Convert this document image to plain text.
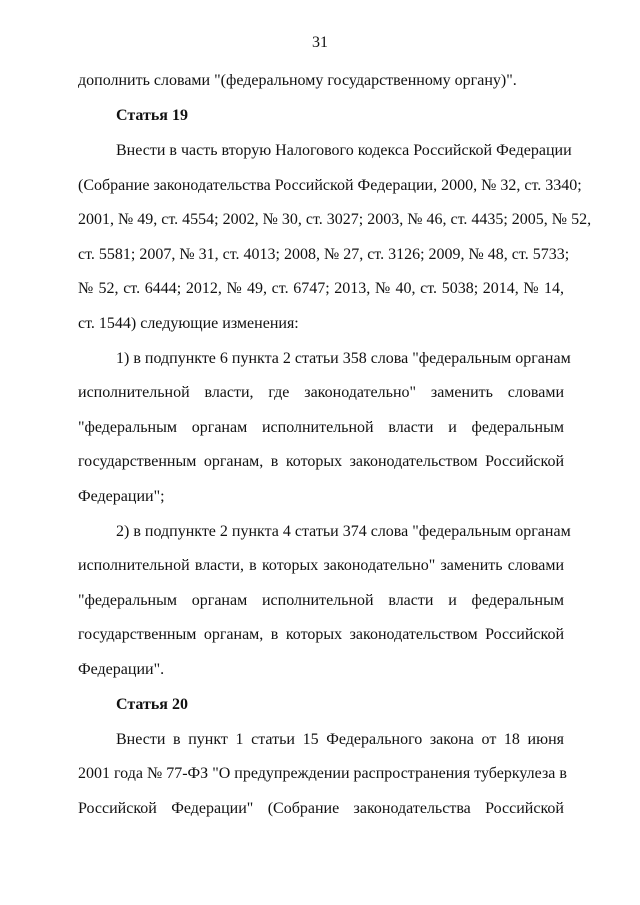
31
дополнить словами "(федеральному государственному органу)".
Статья 19
Внести в часть вторую Налогового кодекса Российской Федерации
(Собрание законодательства Российской Федерации, 2000, № 32, ст. 3340;
2001, № 49, ст. 4554; 2002, № 30, ст. 3027; 2003, № 46, ст. 4435; 2005, № 52,
ст. 5581; 2007, № 31, ст. 4013; 2008, № 27, ст. 3126; 2009, № 48, ст. 5733;
№ 52, ст. 6444; 2012, № 49, ст. 6747; 2013, № 40, ст. 5038; 2014, № 14,
ст. 1544) следующие изменения:
1) в подпункте 6 пункта 2 статьи 358 слова "федеральным органам
исполнительной власти, где законодательно" заменить словами
"федеральным органам исполнительной власти и федеральным
государственным органам, в которых законодательством Российской
Федерации";
2) в подпункте 2 пункта 4 статьи 374 слова "федеральным органам
исполнительной власти, в которых законодательно" заменить словами
"федеральным органам исполнительной власти и федеральным
государственным органам, в которых законодательством Российской
Федерации".
Статья 20
Внести в пункт 1 статьи 15 Федерального закона от 18 июня
2001 года № 77-ФЗ "О предупреждении распространения туберкулеза в
Российской Федерации" (Собрание законодательства Российской
